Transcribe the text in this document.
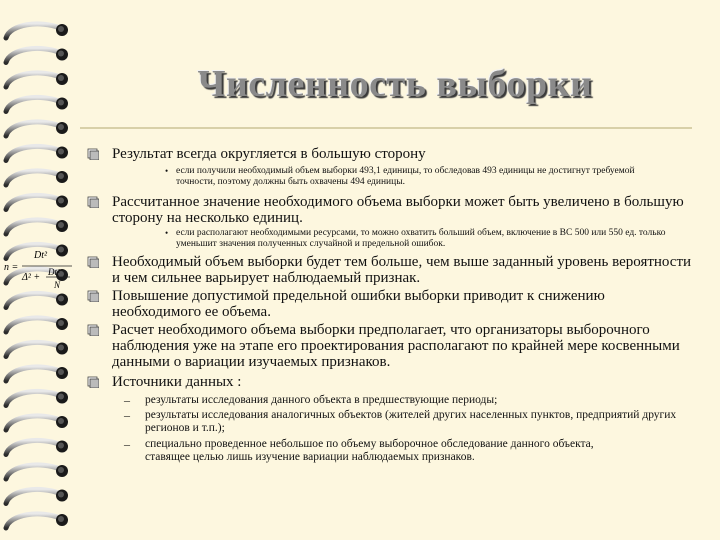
Численность выборки
n =
Dt²
Δ² + Dt²
N
Результат всегда округляется в большую сторону
• если получили необходимый объем выборки 493,1 единицы, то обследовав 493 единицы не достигнут требуемой точности, поэтому должны быть охвачены 494 единицы.
Рассчитанное значение необходимого объема выборки может быть увеличено в большую сторону на несколько единиц.
• если располагают необходимыми ресурсами, то можно охватить больший объем, включение в ВС 500 или 550 ед. только уменьшит значения полученных случайной и предельной ошибок.
Необходимый объем выборки будет тем больше, чем выше заданный уровень вероятности и чем сильнее варьирует наблюдаемый признак.
Повышение допустимой предельной ошибки выборки приводит к снижению необходимого ее объема.
Расчет необходимого объема выборки предполагает, что организаторы выборочного наблюдения уже на этапе его проектирования располагают по крайней мере косвенными данными о вариации изучаемых признаков.
Источники данных :
– результаты исследования данного объекта в предшествующие периоды;
– результаты исследования аналогичных объектов (жителей других населенных пунктов, предприятий других регионов и т.п.);
– специально проведенное небольшое по объему выборочное обследование данного объекта, ставящее целью лишь изучение вариации наблюдаемых признаков.
